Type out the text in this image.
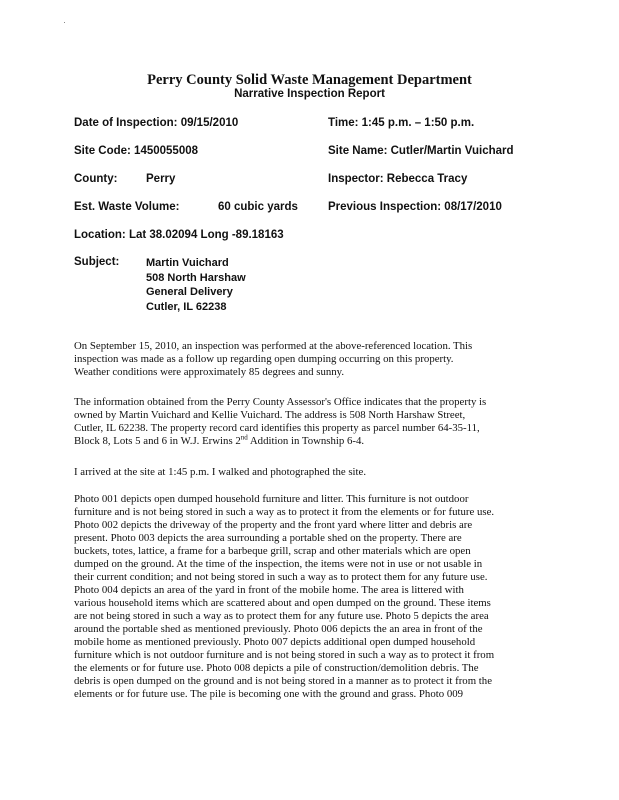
Perry County Solid Waste Management Department
Narrative Inspection Report
Date of Inspection: 09/15/2010	Time: 1:45 p.m. – 1:50 p.m.
Site Code: 1450055008	Site Name: Cutler/Martin Vuichard
County: Perry	Inspector: Rebecca Tracy
Est. Waste Volume:	60 cubic yards	Previous Inspection: 08/17/2010
Location: Lat 38.02094 Long -89.18163
Subject: Martin Vuichard
508 North Harshaw
General Delivery
Cutler, IL 62238
On September 15, 2010, an inspection was performed at the above-referenced location. This
inspection was made as a follow up regarding open dumping occurring on this property.
Weather conditions were approximately 85 degrees and sunny.
The information obtained from the Perry County Assessor's Office indicates that the property is
owned by Martin Vuichard and Kellie Vuichard. The address is 508 North Harshaw Street,
Cutler, IL 62238. The property record card identifies this property as parcel number 64-35-11,
Block 8, Lots 5 and 6 in W.J. Erwins 2nd Addition in Township 6-4.
I arrived at the site at 1:45 p.m. I walked and photographed the site.
Photo 001 depicts open dumped household furniture and litter. This furniture is not outdoor
furniture and is not being stored in such a way as to protect it from the elements or for future use.
Photo 002 depicts the driveway of the property and the front yard where litter and debris are
present. Photo 003 depicts the area surrounding a portable shed on the property. There are
buckets, totes, lattice, a frame for a barbeque grill, scrap and other materials which are open
dumped on the ground. At the time of the inspection, the items were not in use or not usable in
their current condition; and not being stored in such a way as to protect them for any future use.
Photo 004 depicts an area of the yard in front of the mobile home. The area is littered with
various household items which are scattered about and open dumped on the ground. These items
are not being stored in such a way as to protect them for any future use. Photo 5 depicts the area
around the portable shed as mentioned previously. Photo 006 depicts the an area in front of the
mobile home as mentioned previously. Photo 007 depicts additional open dumped household
furniture which is not outdoor furniture and is not being stored in such a way as to protect it from
the elements or for future use. Photo 008 depicts a pile of construction/demolition debris. The
debris is open dumped on the ground and is not being stored in a manner as to protect it from the
elements or for future use. The pile is becoming one with the ground and grass. Photo 009
